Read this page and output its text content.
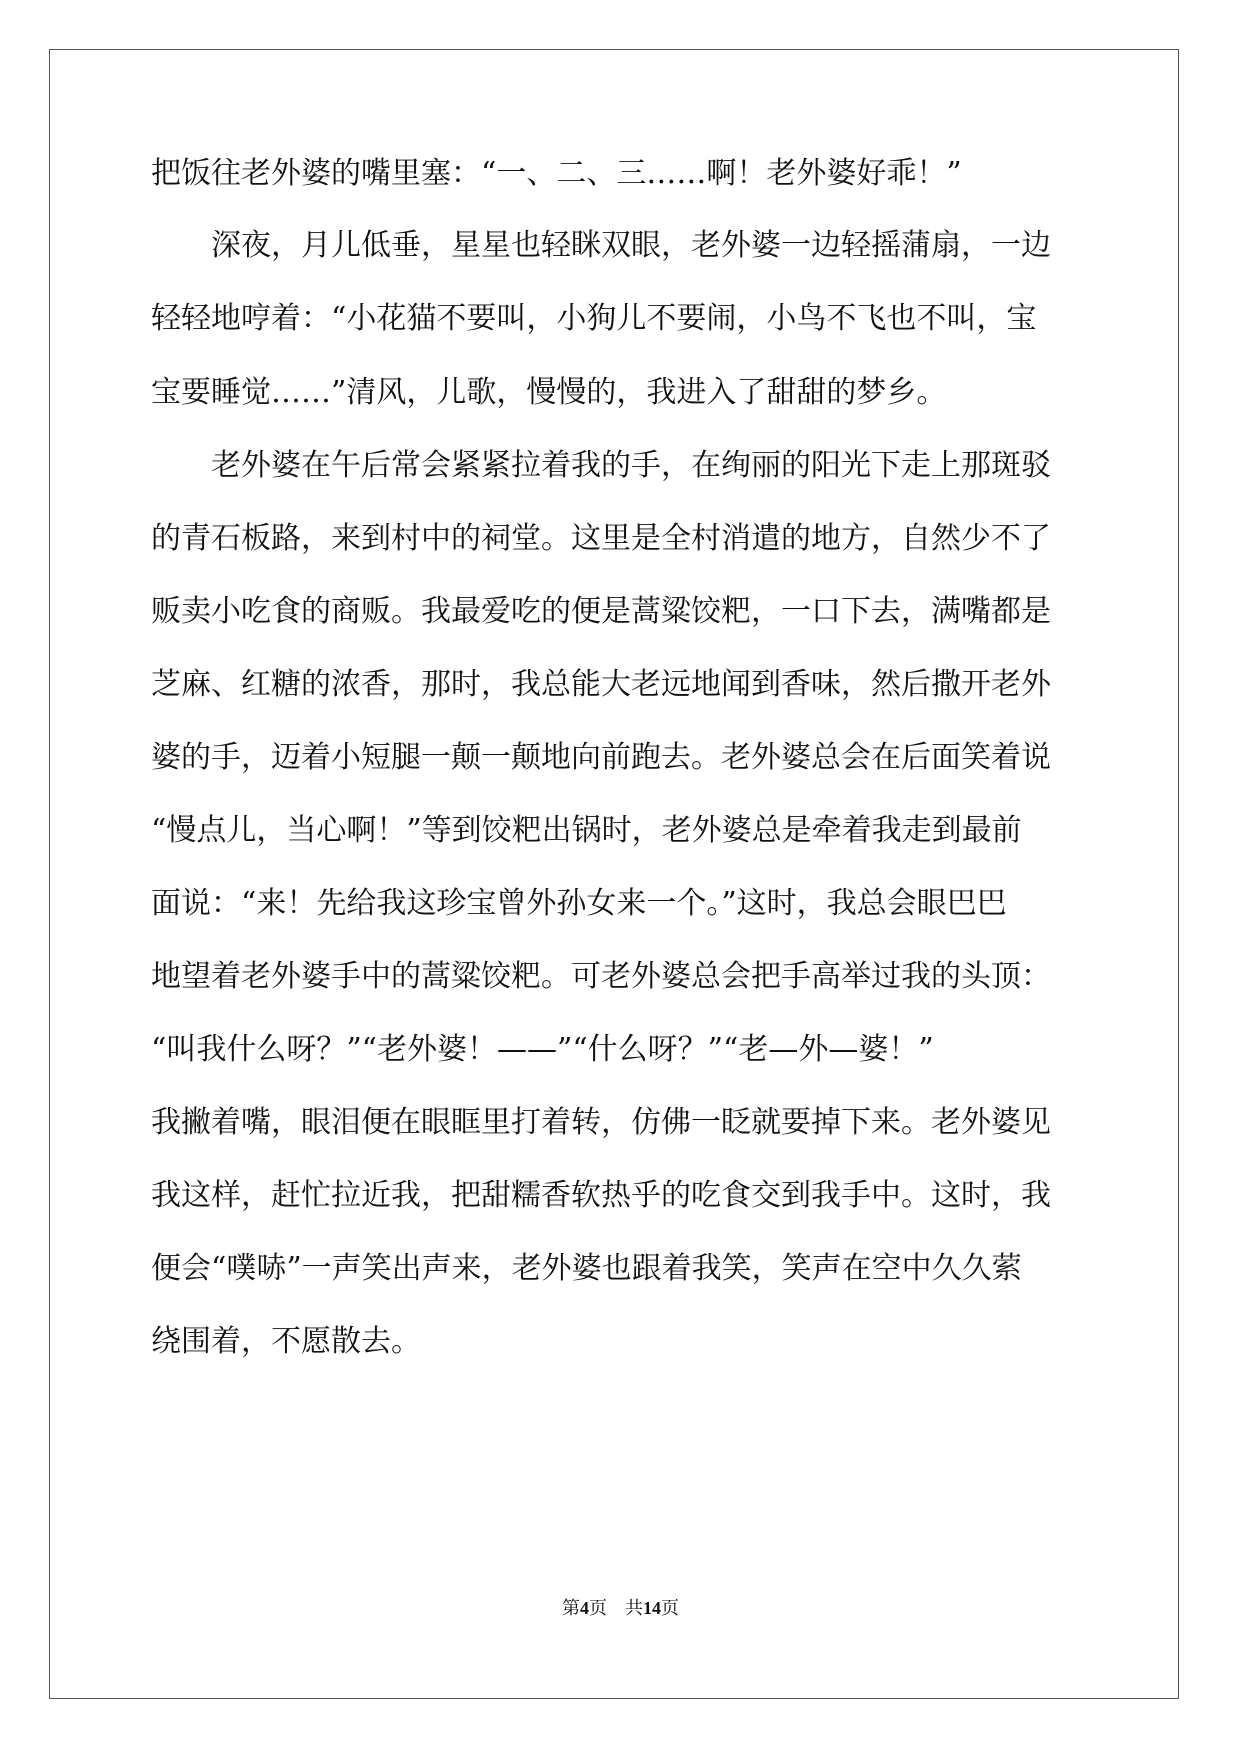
把饭往老外婆的嘴里塞：“一、二、三……啊！老外婆好乖！”

　　深夜，月儿低垂，星星也轻眯双眼，老外婆一边轻摇蒲扇，一边

轻轻地哼着：“小花猫不要叫，小狗儿不要闹，小鸟不飞也不叫，宝

宝要睡觉……”清风，儿歌，慢慢的，我进入了甜甜的梦乡。

　　老外婆在午后常会紧紧拉着我的手，在绚丽的阳光下走上那斑驳

的青石板路，来到村中的祠堂。这里是全村消遣的地方，自然少不了

贩卖小吃食的商贩。我最爱吃的便是蒿粱饺粑，一口下去，满嘴都是

芝麻、红糖的浓香，那时，我总能大老远地闻到香味，然后撒开老外

婆的手，迈着小短腿一颠一颠地向前跑去。老外婆总会在后面笑着说

“慢点儿，当心啊！”等到饺粑出锅时，老外婆总是牵着我走到最前

面说：“来！先给我这珍宝曾外孙女来一个。”这时，我总会眼巴巴

地望着老外婆手中的蒿粱饺粑。可老外婆总会把手高举过我的头顶：

“叫我什么呀？”“老外婆！——”“什么呀？”“老—外—婆！”

我撇着嘴，眼泪便在眼眶里打着转，仿佛一眨就要掉下来。老外婆见

我这样，赶忙拉近我，把甜糯香软热乎的吃食交到我手中。这时，我

便会“噗哧”一声笑出声来，老外婆也跟着我笑，笑声在空中久久萦

绕围着，不愿散去。

第4页 共14页
